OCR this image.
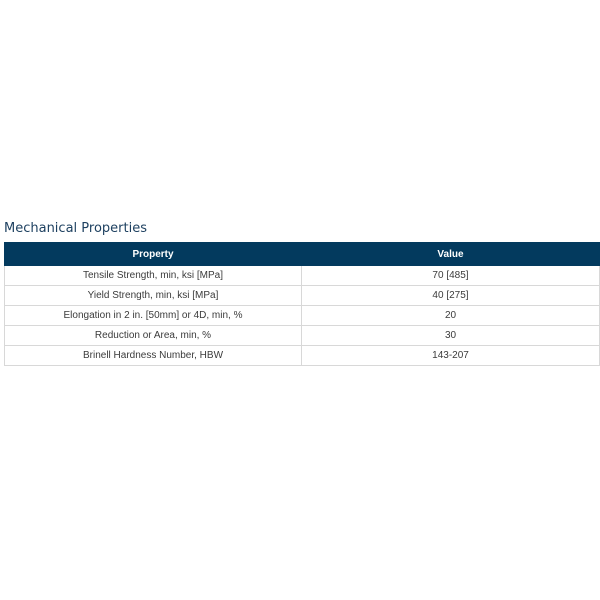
Mechanical Properties
Property	Value
Tensile Strength, min, ksi [MPa]	70 [485]
Yield Strength, min, ksi [MPa]	40 [275]
Elongation in 2 in. [50mm] or 4D, min, %	20
Reduction or Area, min, %	30
Brinell Hardness Number, HBW	143-207
